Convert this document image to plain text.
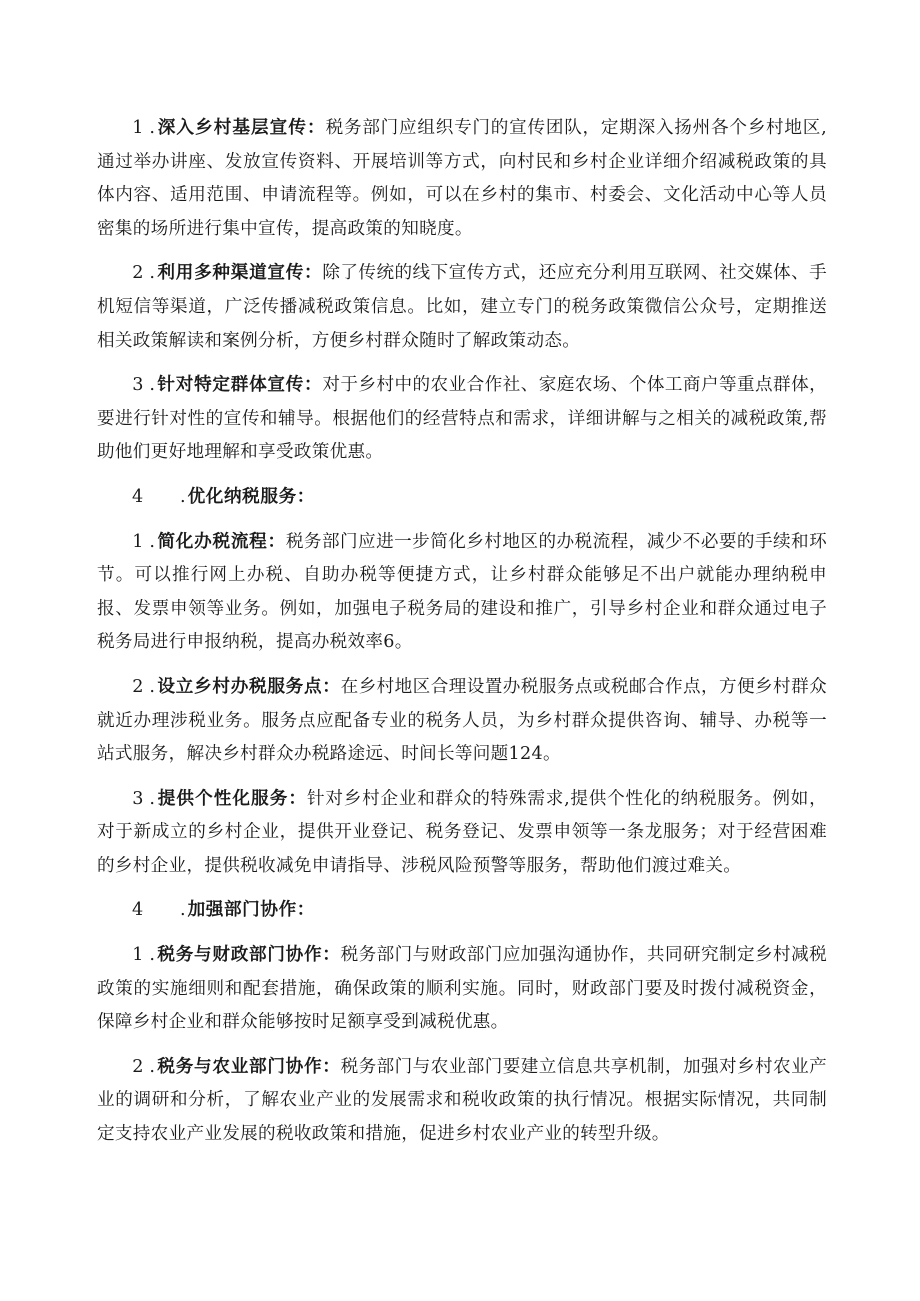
1 . 深入乡村基层宣传：税务部门应组织专门的宣传团队，定期深入扬州各个乡村地区,通过举办讲座、发放宣传资料、开展培训等方式，向村民和乡村企业详细介绍减税政策的具体内容、适用范围、申请流程等。例如，可以在乡村的集市、村委会、文化活动中心等人员密集的场所进行集中宣传，提高政策的知晓度。

2 . 利用多种渠道宣传：除了传统的线下宣传方式，还应充分利用互联网、社交媒体、手机短信等渠道，广泛传播减税政策信息。比如，建立专门的税务政策微信公众号，定期推送相关政策解读和案例分析，方便乡村群众随时了解政策动态。

3 . 针对特定群体宣传：对于乡村中的农业合作社、家庭农场、个体工商户等重点群体，要进行针对性的宣传和辅导。根据他们的经营特点和需求，详细讲解与之相关的减税政策,帮助他们更好地理解和享受政策优惠。

4 . 优化纳税服务：

1 . 简化办税流程：税务部门应进一步简化乡村地区的办税流程，减少不必要的手续和环节。可以推行网上办税、自助办税等便捷方式，让乡村群众能够足不出户就能办理纳税申报、发票申领等业务。例如，加强电子税务局的建设和推广，引导乡村企业和群众通过电子税务局进行申报纳税，提高办税效率6。

2 . 设立乡村办税服务点：在乡村地区合理设置办税服务点或税邮合作点，方便乡村群众就近办理涉税业务。服务点应配备专业的税务人员，为乡村群众提供咨询、辅导、办税等一站式服务，解决乡村群众办税路途远、时间长等问题124。

3 . 提供个性化服务：针对乡村企业和群众的特殊需求,提供个性化的纳税服务。例如，对于新成立的乡村企业，提供开业登记、税务登记、发票申领等一条龙服务；对于经营困难的乡村企业，提供税收减免申请指导、涉税风险预警等服务，帮助他们渡过难关。

4 . 加强部门协作：

1 . 税务与财政部门协作：税务部门与财政部门应加强沟通协作，共同研究制定乡村减税政策的实施细则和配套措施，确保政策的顺利实施。同时，财政部门要及时拨付减税资金，保障乡村企业和群众能够按时足额享受到减税优惠。

2 . 税务与农业部门协作：税务部门与农业部门要建立信息共享机制，加强对乡村农业产业的调研和分析，了解农业产业的发展需求和税收政策的执行情况。根据实际情况，共同制定支持农业产业发展的税收政策和措施，促进乡村农业产业的转型升级。
